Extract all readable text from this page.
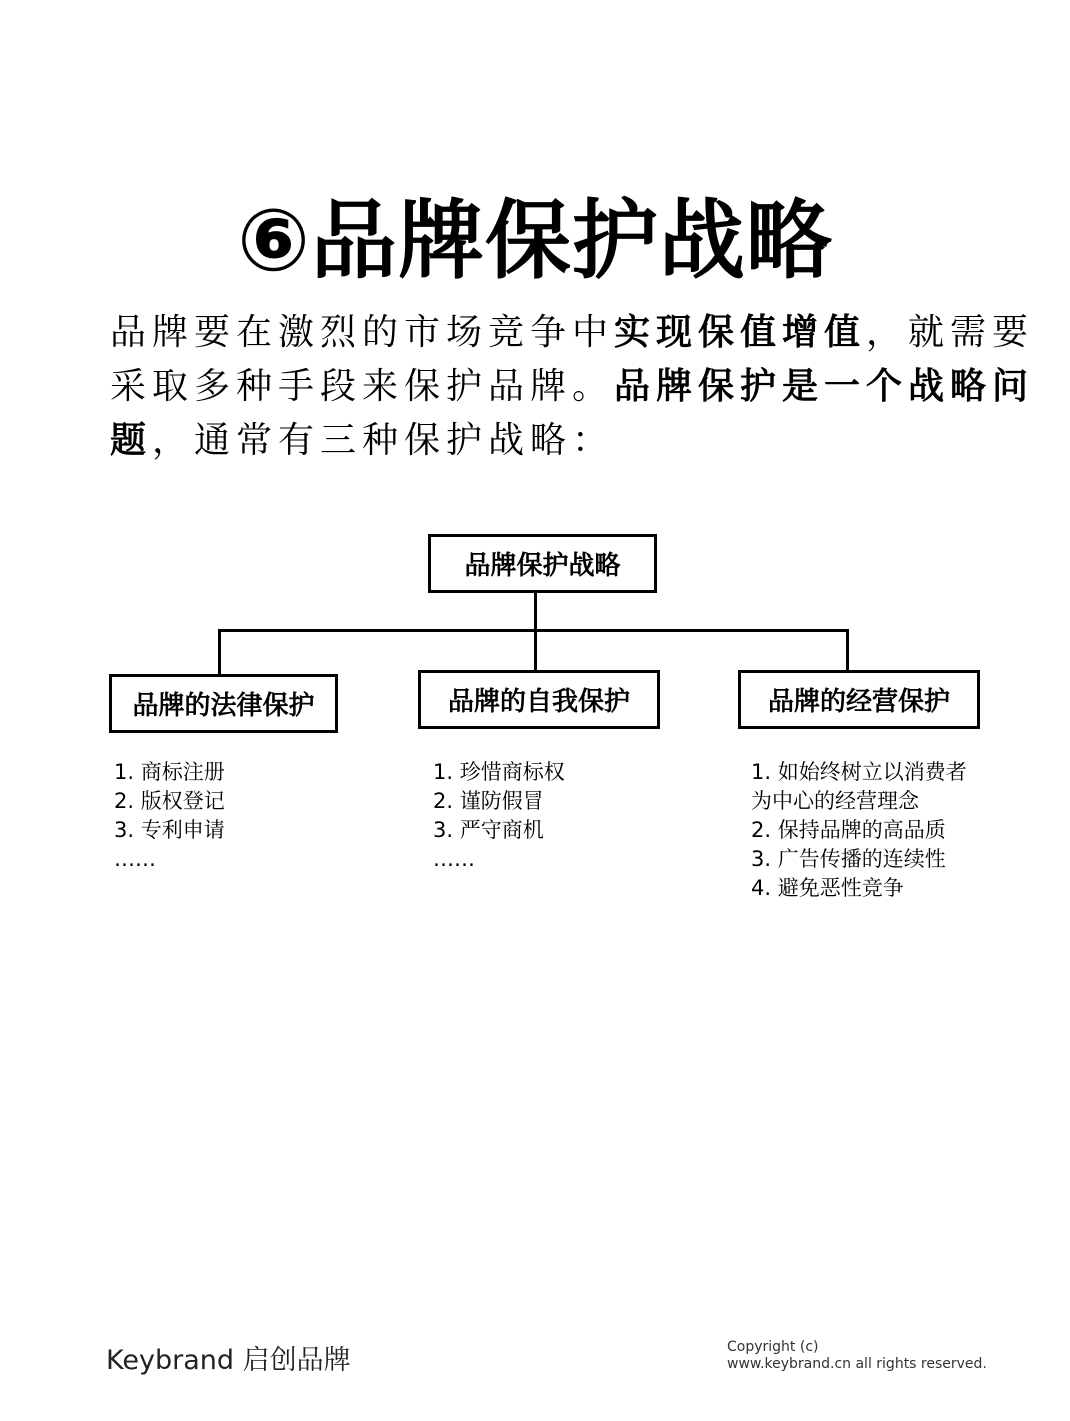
⑥品牌保护战略
品牌要在激烈的市场竞争中实现保值增值，就需要
采取多种手段来保护品牌。品牌保护是一个战略问
题，通常有三种保护战略：
品牌保护战略
品牌的法律保护	品牌的自我保护	品牌的经营保护
1. 商标注册
2. 版权登记
3. 专利申请
……
1. 珍惜商标权
2. 谨防假冒
3. 严守商机
……
1. 如始终树立以消费者
为中心的经营理念
2. 保持品牌的高品质
3. 广告传播的连续性
4. 避免恶性竞争
Keybrand 启创品牌	Copyright (c)
www.keybrand.cn all rights reserved.
